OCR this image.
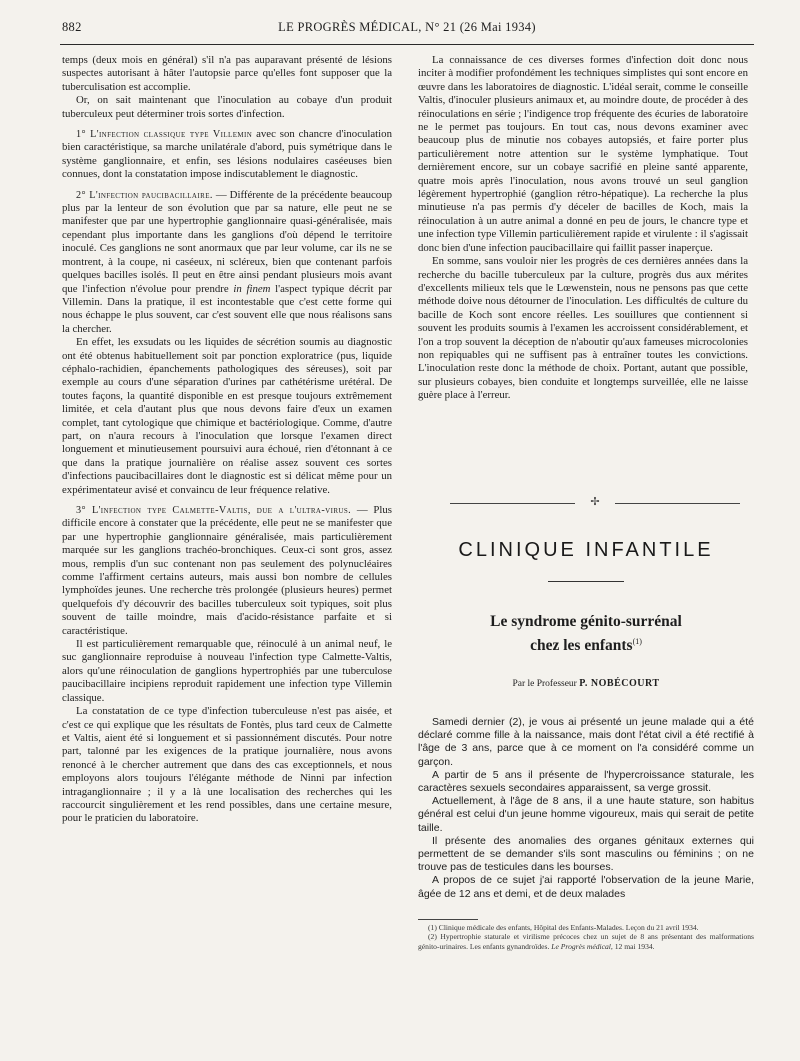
882	LE PROGRÈS MÉDICAL, N° 21 (26 Mai 1934)

temps (deux mois en général) s'il n'a pas auparavant présenté de lésions suspectes autorisant à hâter l'autopsie parce qu'elles font supposer que la tuberculisation est accomplie.

Or, on sait maintenant que l'inoculation au cobaye d'un produit tuberculeux peut déterminer trois sortes d'infection.

1° L'infection classique type Villemin avec son chancre d'inoculation bien caractéristique, sa marche unilatérale d'abord, puis symétrique dans le système ganglionnaire, et enfin, ses lésions nodulaires caséeuses bien connues, dont la constatation impose indiscutablement le diagnostic.

2° L'infection paucibacillaire. — Différente de la précédente beaucoup plus par la lenteur de son évolution que par sa nature, elle peut ne se manifester que par une hypertrophie ganglionnaire quasi-généralisée, mais cependant plus importante dans les ganglions d'où dépend le territoire inoculé. Ces ganglions ne sont anormaux que par leur volume, car ils ne se montrent, à la coupe, ni caséeux, ni scléreux, bien que contenant parfois quelques bacilles isolés. Il peut en être ainsi pendant plusieurs mois avant que l'infection n'évolue pour prendre in finem l'aspect typique décrit par Villemin. Dans la pratique, il est incontestable que c'est cette forme qui nous échappe le plus souvent, car c'est souvent elle que nous réalisons sans la chercher.

En effet, les exsudats ou les liquides de sécrétion soumis au diagnostic ont été obtenus habituellement soit par ponction exploratrice (pus, liquide céphalo-rachidien, épanchements pathologiques des séreuses), soit par exemple au cours d'une séparation d'urines par cathétérisme urétéral. De toutes façons, la quantité disponible en est presque toujours extrêmement limitée, et cela d'autant plus que nous devons faire d'eux un examen complet, tant cytologique que chimique et bactériologique. Comme, d'autre part, on n'aura recours à l'inoculation que lorsque l'examen direct longuement et minutieusement poursuivi aura échoué, rien d'étonnant à ce que dans la pratique journalière on réalise assez souvent ces sortes d'infections paucibacillaires dont le diagnostic est si délicat même pour un expérimentateur avisé et convaincu de leur fréquence relative.

3° L'infection type Calmette-Valtis, due a l'ultra-virus. — Plus difficile encore à constater que la précédente, elle peut ne se manifester que par une hypertrophie ganglionnaire généralisée, mais particulièrement marquée sur les ganglions trachéo-bronchiques. Ceux-ci sont gros, assez mous, remplis d'un suc contenant non pas seulement des polynucléaires comme l'affirment certains auteurs, mais aussi bon nombre de cellules lymphoïdes jeunes. Une recherche très prolongée (plusieurs heures) permet quelquefois d'y découvrir des bacilles tuberculeux soit typiques, soit plus souvent de taille moindre, mais d'acido-résistance parfaite et si caractéristique.

Il est particulièrement remarquable que, réinoculé à un animal neuf, le suc ganglionnaire reproduise à nouveau l'infection type Calmette-Valtis, alors qu'une réinoculation de ganglions hypertrophiés par une tuberculose paucibacillaire incipiens reproduit rapidement une infection type Villemin classique.

La constatation de ce type d'infection tuberculeuse n'est pas aisée, et c'est ce qui explique que les résultats de Fontès, plus tard ceux de Calmette et Valtis, aient été si longuement et si passionnément discutés. Pour notre part, talonné par les exigences de la pratique journalière, nous avons renoncé à le chercher autrement que dans des cas exceptionnels, et nous employons alors toujours l'élégante méthode de Ninni par infection intraganglionnaire ; il y a là une localisation des recherches qui les raccourcit singulièrement et les rend possibles, dans une certaine mesure, pour le praticien du laboratoire.

La connaissance de ces diverses formes d'infection doit donc nous inciter à modifier profondément les techniques simplistes qui sont encore en œuvre dans les laboratoires de diagnostic. L'idéal serait, comme le conseille Valtis, d'inoculer plusieurs animaux et, au moindre doute, de procéder à des réinoculations en série ; l'indigence trop fréquente des écuries de laboratoire ne le permet pas toujours. En tout cas, nous devons examiner avec beaucoup plus de minutie nos cobayes autopsiés, et faire porter plus particulièrement notre attention sur le système lymphatique. Tout dernièrement encore, sur un cobaye sacrifié en pleine santé apparente, quatre mois après l'inoculation, nous avons trouvé un seul ganglion légèrement hypertrophié (ganglion rétro-hépatique). La recherche la plus minutieuse n'a pas permis d'y déceler de bacilles de Koch, mais la réinoculation à un autre animal a donné en peu de jours, le chancre type et une infection type Villemin particulièrement rapide et virulente : il s'agissait donc bien d'une infection paucibacillaire qui faillit passer inaperçue.

En somme, sans vouloir nier les progrès de ces dernières années dans la recherche du bacille tuberculeux par la culture, progrès dus aux mérites d'excellents milieux tels que le Lœwenstein, nous ne pensons pas que cette méthode doive nous détourner de l'inoculation. Les difficultés de culture du bacille de Koch sont encore réelles. Les souillures que contiennent si souvent les produits soumis à l'examen les accroissent considérablement, et l'on a trop souvent la déception de n'aboutir qu'aux fameuses microcolonies non repiquables qui ne suffisent pas à entraîner toutes les convictions. L'inoculation reste donc la méthode de choix. Portant, autant que possible, sur plusieurs cobayes, bien conduite et longtemps surveillée, elle ne laisse guère place à l'erreur.

✢
CLINIQUE INFANTILE
Le syndrome génito-surrénal
chez les enfants$^{(1)}$
Par le Professeur P. NOBÉCOURT

Samedi dernier (2), je vous ai présenté un jeune malade qui a été déclaré comme fille à la naissance, mais dont l'état civil a été rectifié à l'âge de 3 ans, parce que à ce moment on l'a considéré comme un garçon.

A partir de 5 ans il présente de l'hypercroissance staturale, les caractères sexuels secondaires apparaissent, sa verge grossit.

Actuellement, à l'âge de 8 ans, il a une haute stature, son habitus général est celui d'un jeune homme vigoureux, mais qui serait de petite taille.

Il présente des anomalies des organes génitaux externes qui permettent de se demander s'ils sont masculins ou féminins ; on ne trouve pas de testicules dans les bourses.

A propos de ce sujet j'ai rapporté l'observation de la jeune Marie, âgée de 12 ans et demi, et de deux malades

(1) Clinique médicale des enfants, Hôpital des Enfants-Malades. Leçon du 21 avril 1934.

(2) Hypertrophie staturale et virilisme précoces chez un sujet de 8 ans présentant des malformations génito-urinaires. Les enfants gynandroïdes. Le Progrès médical, 12 mai 1934.
